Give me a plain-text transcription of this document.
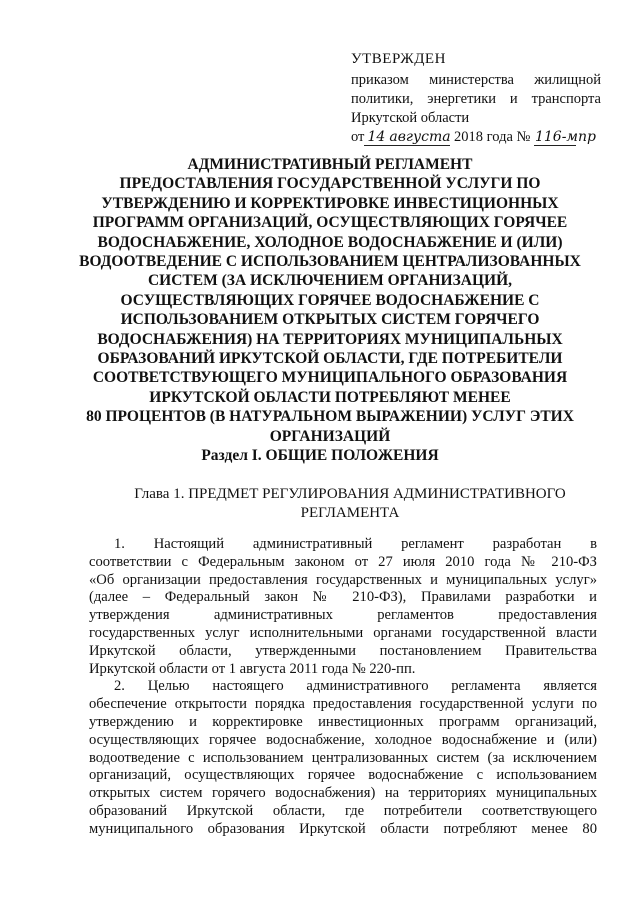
УТВЕРЖДЕН
приказом министерства жилищной
политики, энергетики и транспорта
Иркутской области
от 14 августа 2018 года № 116-мпр
АДМИНИСТРАТИВНЫЙ РЕГЛАМЕНТ
ПРЕДОСТАВЛЕНИЯ ГОСУДАРСТВЕННОЙ УСЛУГИ ПО
УТВЕРЖДЕНИЮ И КОРРЕКТИРОВКЕ ИНВЕСТИЦИОННЫХ
ПРОГРАММ ОРГАНИЗАЦИЙ, ОСУЩЕСТВЛЯЮЩИХ ГОРЯЧЕЕ
ВОДОСНАБЖЕНИЕ, ХОЛОДНОЕ ВОДОСНАБЖЕНИЕ И (ИЛИ)
ВОДООТВЕДЕНИЕ С ИСПОЛЬЗОВАНИЕМ ЦЕНТРАЛИЗОВАННЫХ
СИСТЕМ (ЗА ИСКЛЮЧЕНИЕМ ОРГАНИЗАЦИЙ,
ОСУЩЕСТВЛЯЮЩИХ ГОРЯЧЕЕ ВОДОСНАБЖЕНИЕ С
ИСПОЛЬЗОВАНИЕМ ОТКРЫТЫХ СИСТЕМ ГОРЯЧЕГО
ВОДОСНАБЖЕНИЯ) НА ТЕРРИТОРИЯХ МУНИЦИПАЛЬНЫХ
ОБРАЗОВАНИЙ ИРКУТСКОЙ ОБЛАСТИ, ГДЕ ПОТРЕБИТЕЛИ
СООТВЕТСТВУЮЩЕГО МУНИЦИПАЛЬНОГО ОБРАЗОВАНИЯ
ИРКУТСКОЙ ОБЛАСТИ ПОТРЕБЛЯЮТ МЕНЕЕ
80 ПРОЦЕНТОВ (В НАТУРАЛЬНОМ ВЫРАЖЕНИИ) УСЛУГ ЭТИХ
ОРГАНИЗАЦИЙ
Раздел I. ОБЩИЕ ПОЛОЖЕНИЯ
Глава 1. ПРЕДМЕТ РЕГУЛИРОВАНИЯ АДМИНИСТРАТИВНОГО
РЕГЛАМЕНТА
1. Настоящий административный регламент разработан в
соответствии с Федеральным законом от 27 июля 2010 года № 210-ФЗ
«Об организации предоставления государственных и муниципальных услуг»
(далее – Федеральный закон № 210-ФЗ), Правилами разработки и
утверждения административных регламентов предоставления
государственных услуг исполнительными органами государственной власти
Иркутской области, утвержденными постановлением Правительства
Иркутской области от 1 августа 2011 года № 220-пп.
2. Целью настоящего административного регламента является
обеспечение открытости порядка предоставления государственной услуги по
утверждению и корректировке инвестиционных программ организаций,
осуществляющих горячее водоснабжение, холодное водоснабжение и (или)
водоотведение с использованием централизованных систем (за исключением
организаций, осуществляющих горячее водоснабжение с использованием
открытых систем горячего водоснабжения) на территориях муниципальных
образований Иркутской области, где потребители соответствующего
муниципального образования Иркутской области потребляют менее 80
